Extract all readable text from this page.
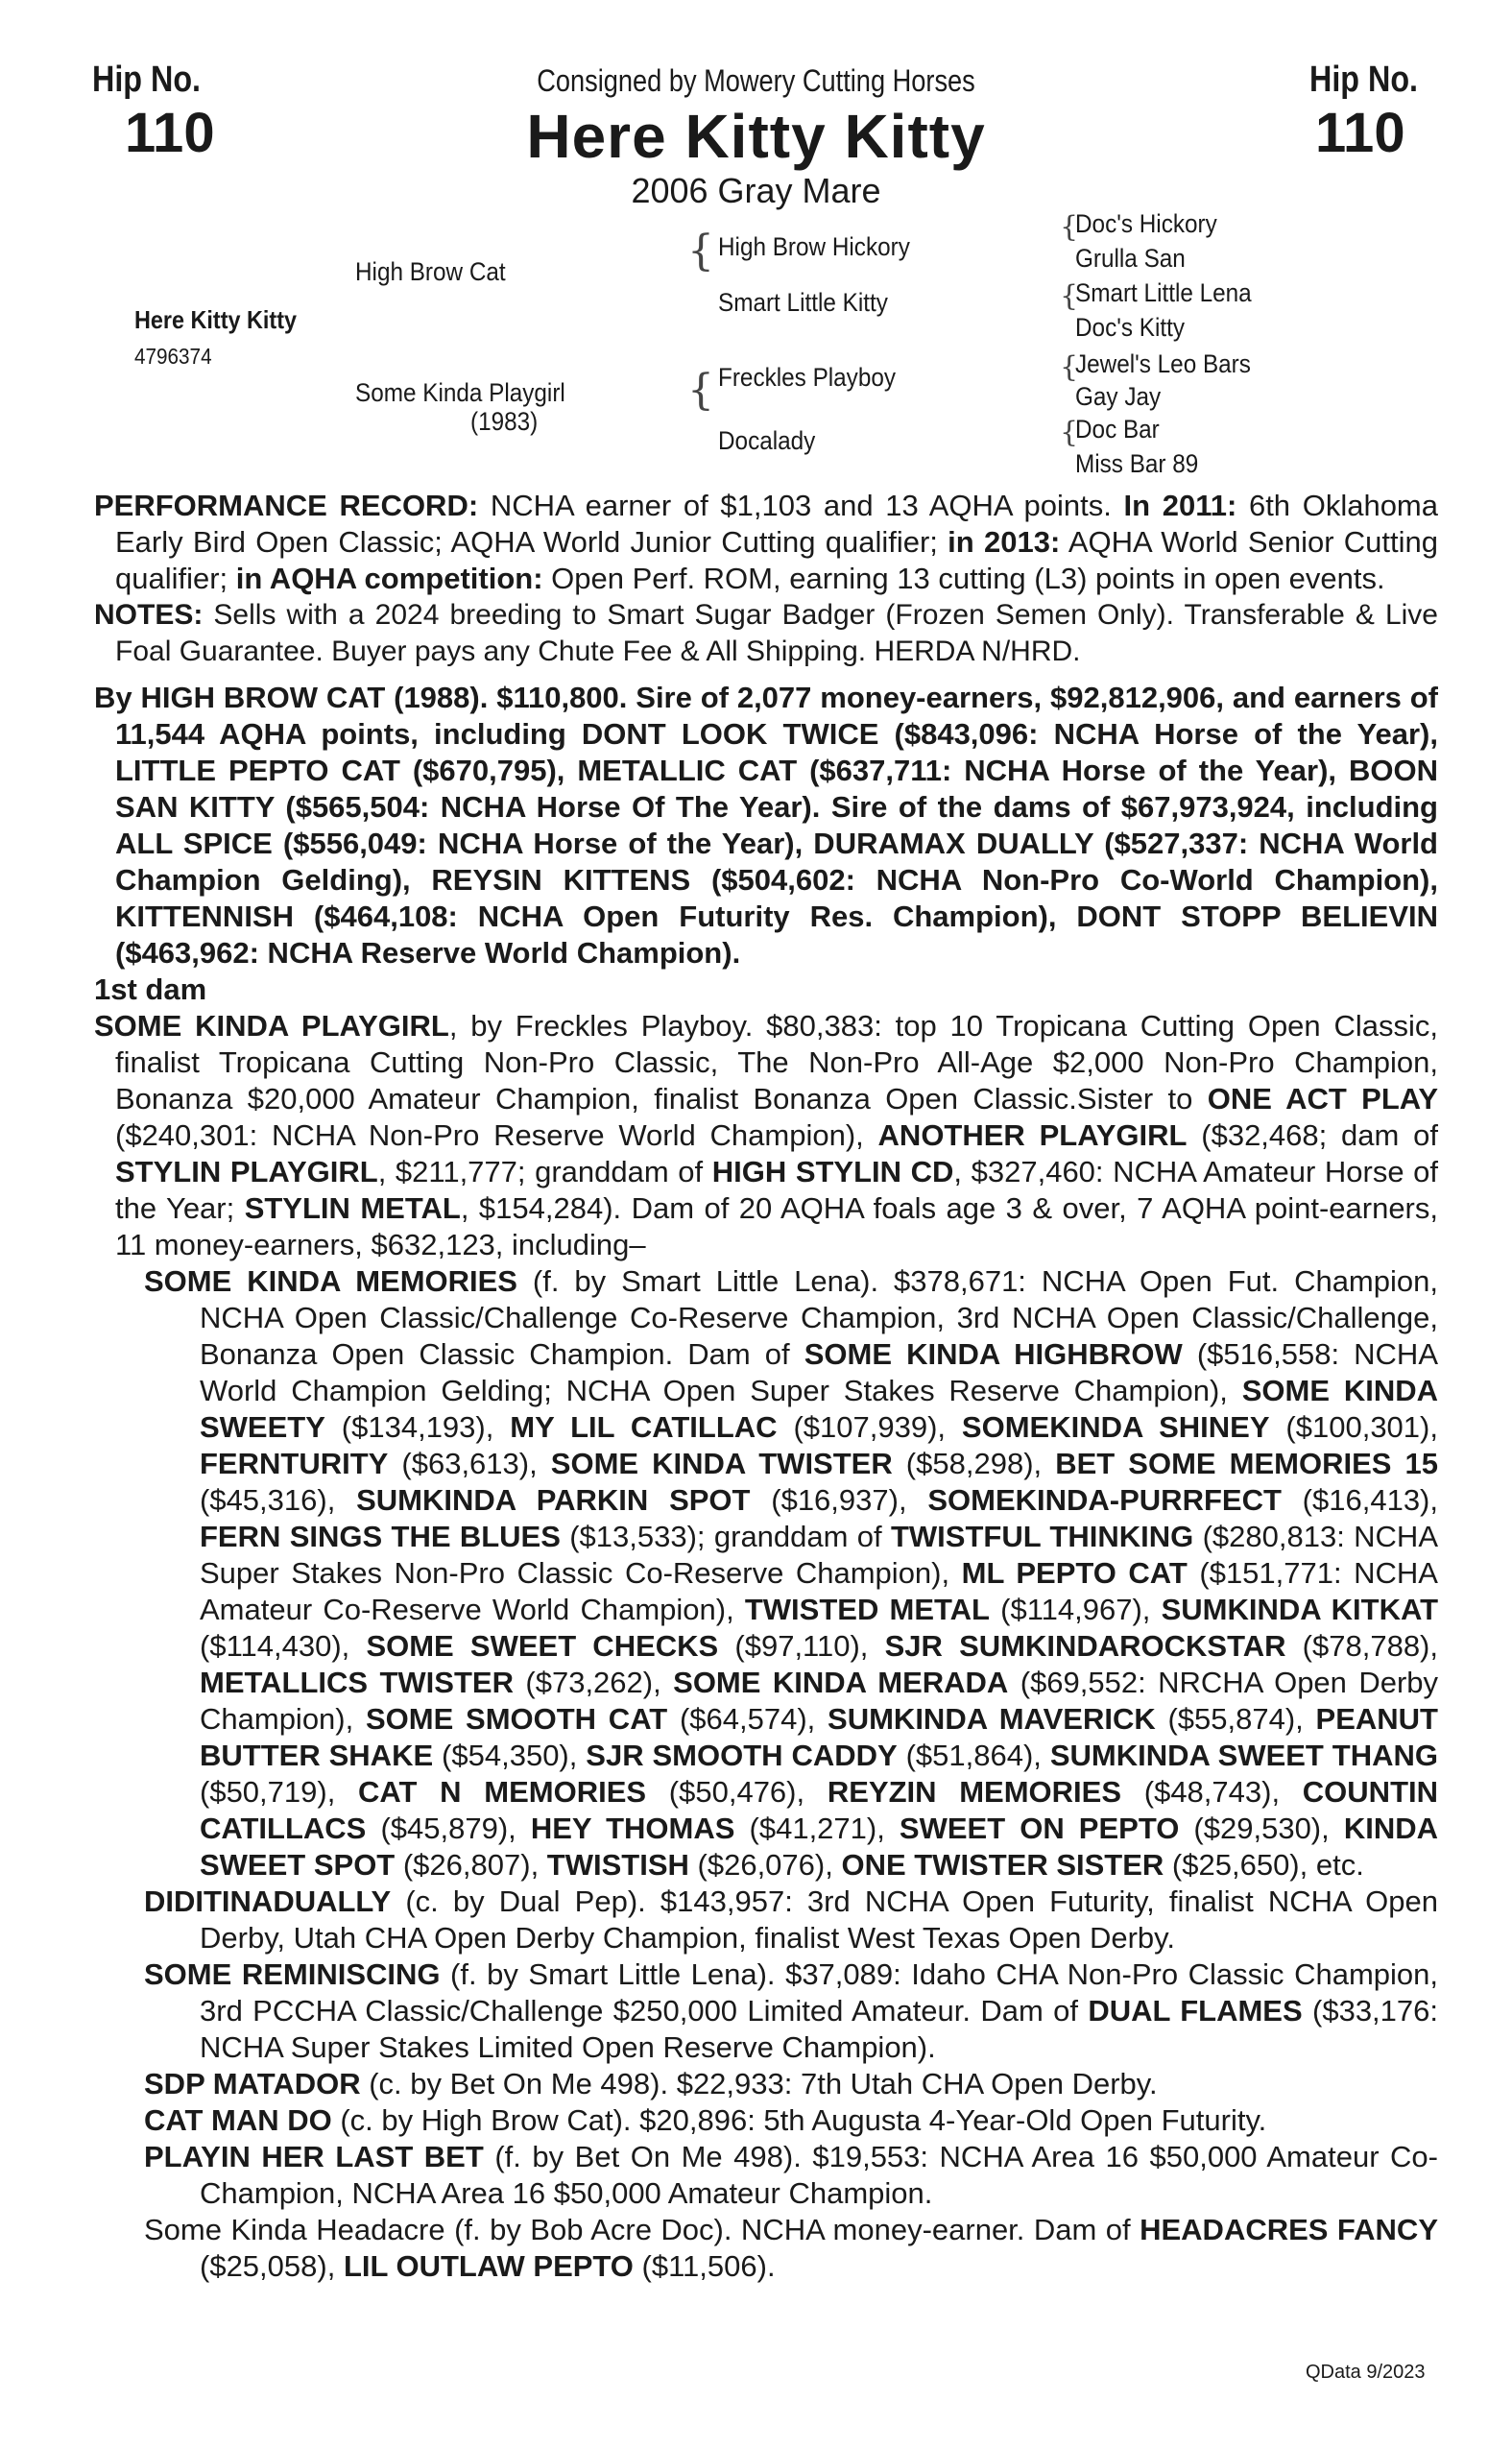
Hip No.
110
Hip No.
110
Consigned by Mowery Cutting Horses
Here Kitty Kitty
2006 Gray Mare
Here Kitty Kitty
4796374
High Brow Cat
Some Kinda Playgirl
(1983)
{ High Brow Hickory
Smart Little Kitty
{ Freckles Playboy
Docalady
{
Doc's Hickory
Grulla San
{
Smart Little Lena
Doc's Kitty
{
Jewel's Leo Bars
Gay Jay
{
Doc Bar
Miss Bar 89

PERFORMANCE RECORD: NCHA earner of $1,103 and 13 AQHA points. In 2011: 6th Oklahoma Early Bird Open Classic; AQHA World Junior Cutting qualifier; in 2013: AQHA World Senior Cutting qualifier; in AQHA competition: Open Perf. ROM, earning 13 cutting (L3) points in open events.

NOTES: Sells with a 2024 breeding to Smart Sugar Badger (Frozen Semen Only). Transferable & Live Foal Guarantee. Buyer pays any Chute Fee & All Shipping. HERDA N/HRD.

By HIGH BROW CAT (1988). $110,800. Sire of 2,077 money-earners, $92,812,906, and earners of 11,544 AQHA points, including DONT LOOK TWICE ($843,096: NCHA Horse of the Year), LITTLE PEPTO CAT ($670,795), METALLIC CAT ($637,711: NCHA Horse of the Year), BOON SAN KITTY ($565,504: NCHA Horse Of The Year). Sire of the dams of $67,973,924, including ALL SPICE ($556,049: NCHA Horse of the Year), DURAMAX DUALLY ($527,337: NCHA World Champion Gelding), REYSIN KITTENS ($504,602: NCHA Non-Pro Co-World Champion), KITTENNISH ($464,108: NCHA Open Futurity Res. Champion), DONT STOPP BELIEVIN ($463,962: NCHA Reserve World Champion).

1st dam

SOME KINDA PLAYGIRL, by Freckles Playboy. $80,383: top 10 Tropicana Cutting Open Classic, finalist Tropicana Cutting Non-Pro Classic, The Non-Pro All-Age $2,000 Non-Pro Champion, Bonanza $20,000 Amateur Champion, finalist Bonanza Open Classic.Sister to ONE ACT PLAY ($240,301: NCHA Non-Pro Reserve World Champion), ANOTHER PLAYGIRL ($32,468; dam of STYLIN PLAYGIRL, $211,777; granddam of HIGH STYLIN CD, $327,460: NCHA Amateur Horse of the Year; STYLIN METAL, $154,284). Dam of 20 AQHA foals age 3 & over, 7 AQHA point-earners, 11 money-earners, $632,123, including–

SOME KINDA MEMORIES (f. by Smart Little Lena). $378,671: NCHA Open Fut. Champion, NCHA Open Classic/Challenge Co-Reserve Champion, 3rd NCHA Open Classic/Challenge, Bonanza Open Classic Champion. Dam of SOME KINDA HIGHBROW ($516,558: NCHA World Champion Gelding; NCHA Open Super Stakes Reserve Champion), SOME KINDA SWEETY ($134,193), MY LIL CATILLAC ($107,939), SOMEKINDA SHINEY ($100,301), FERNTURITY ($63,613), SOME KINDA TWISTER ($58,298), BET SOME MEMORIES 15 ($45,316), SUMKINDA PARKIN SPOT ($16,937), SOMEKINDA-PURRFECT ($16,413), FERN SINGS THE BLUES ($13,533); granddam of TWISTFUL THINKING ($280,813: NCHA Super Stakes Non-Pro Classic Co-Reserve Champion), ML PEPTO CAT ($151,771: NCHA Amateur Co-Reserve World Champion), TWISTED METAL ($114,967), SUMKINDA KITKAT ($114,430), SOME SWEET CHECKS ($97,110), SJR SUMKINDAROCKSTAR ($78,788), METALLICS TWISTER ($73,262), SOME KINDA MERADA ($69,552: NRCHA Open Derby Champion), SOME SMOOTH CAT ($64,574), SUMKINDA MAVERICK ($55,874), PEANUT BUTTER SHAKE ($54,350), SJR SMOOTH CADDY ($51,864), SUMKINDA SWEET THANG ($50,719), CAT N MEMORIES ($50,476), REYZIN MEMORIES ($48,743), COUNTIN CATILLACS ($45,879), HEY THOMAS ($41,271), SWEET ON PEPTO ($29,530), KINDA SWEET SPOT ($26,807), TWISTISH ($26,076), ONE TWISTER SISTER ($25,650), etc.

DIDITINADUALLY (c. by Dual Pep). $143,957: 3rd NCHA Open Futurity, finalist NCHA Open Derby, Utah CHA Open Derby Champion, finalist West Texas Open Derby.

SOME REMINISCING (f. by Smart Little Lena). $37,089: Idaho CHA Non-Pro Classic Champion, 3rd PCCHA Classic/Challenge $250,000 Limited Amateur. Dam of DUAL FLAMES ($33,176: NCHA Super Stakes Limited Open Reserve Champion).

SDP MATADOR (c. by Bet On Me 498). $22,933: 7th Utah CHA Open Derby.

CAT MAN DO (c. by High Brow Cat). $20,896: 5th Augusta 4-Year-Old Open Futurity.

PLAYIN HER LAST BET (f. by Bet On Me 498). $19,553: NCHA Area 16 $50,000 Amateur Co-Champion, NCHA Area 16 $50,000 Amateur Champion.

Some Kinda Headacre (f. by Bob Acre Doc). NCHA money-earner. Dam of HEADACRES FANCY ($25,058), LIL OUTLAW PEPTO ($11,506).

QData 9/2023
